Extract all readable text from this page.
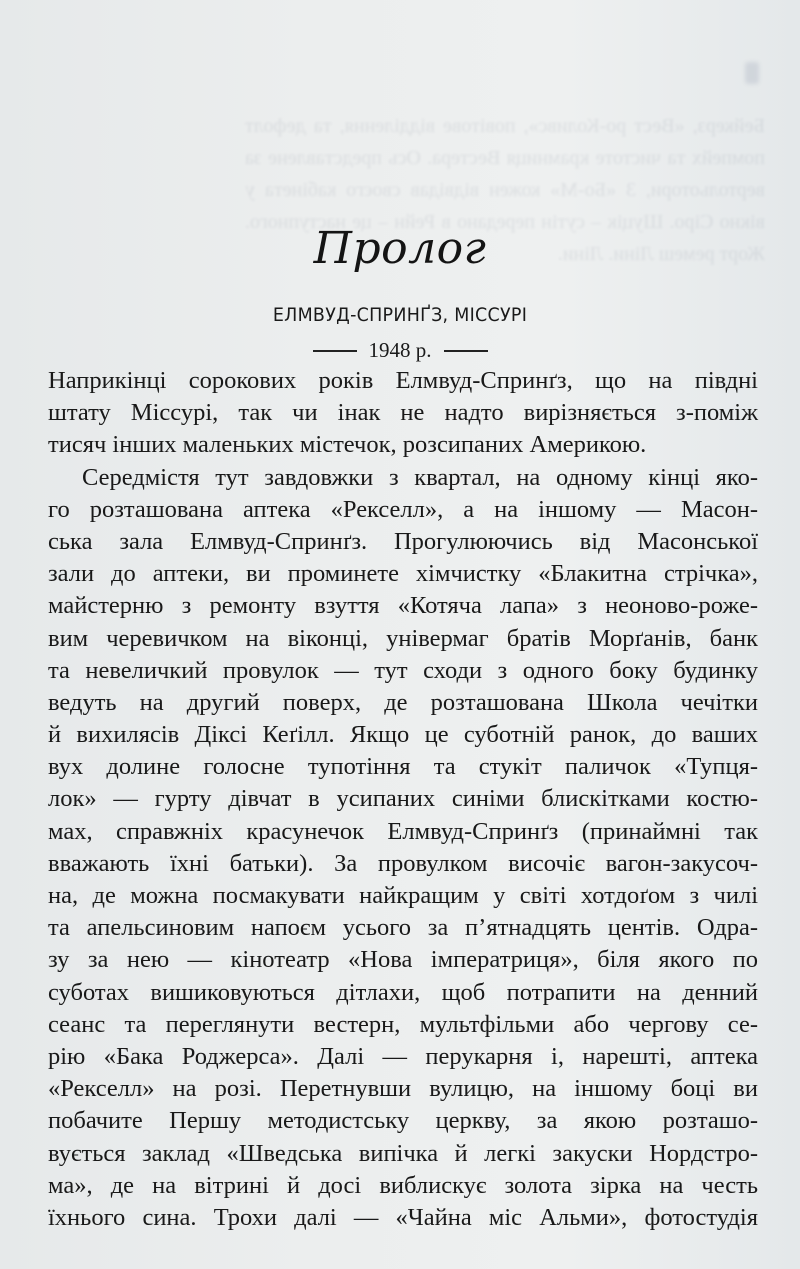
Пролог
ЕЛМВУД-СПРИНҐЗ, МІССУРІ
1948 р.
Наприкінці сорокових років Елмвуд-Спринґз, що на півдні
штату Міссурі, так чи інак не надто вирізняється з-поміж
тисяч інших маленьких містечок, розсипаних Америкою.
Середмістя тут завдовжки з квартал, на одному кінці яко-
го розташована аптека «Рекселл», а на іншому — Масон-
ська зала Елмвуд-Спринґз. Прогулюючись від Масонської
зали до аптеки, ви проминете хімчистку «Блакитна стрічка»,
майстерню з ремонту взуття «Котяча лапа» з неоново-роже-
вим черевичком на віконці, універмаг братів Морґанів, банк
та невеличкий провулок — тут сходи з одного боку будинку
ведуть на другий поверх, де розташована Школа чечітки
й вихилясів Діксі Кеґілл. Якщо це суботній ранок, до ваших
вух долине голосне тупотіння та стукіт паличок «Тупця-
лок» — гурту дівчат в усипаних синіми блискітками костю-
мах, справжніх красунечок Елмвуд-Спринґз (принаймні так
вважають їхні батьки). За провулком височіє вагон-закусоч-
на, де можна посмакувати найкращим у світі хотдоґом з чилі
та апельсиновим напоєм усього за п’ятнадцять центів. Одра-
зу за нею — кінотеатр «Нова імператриця», біля якого по
суботах вишиковуються дітлахи, щоб потрапити на денний
сеанс та переглянути вестерн, мультфільми або чергову се-
рію «Бака Роджерса». Далі — перукарня і, нарешті, аптека
«Рекселл» на розі. Перетнувши вулицю, на іншому боці ви
побачите Першу методистську церкву, за якою розташо-
вується заклад «Шведська випічка й легкі закуски Нордстро-
ма», де на вітрині й досі виблискує золота зірка на честь
їхнього сина. Трохи далі — «Чайна міс Альми», фотостудія
